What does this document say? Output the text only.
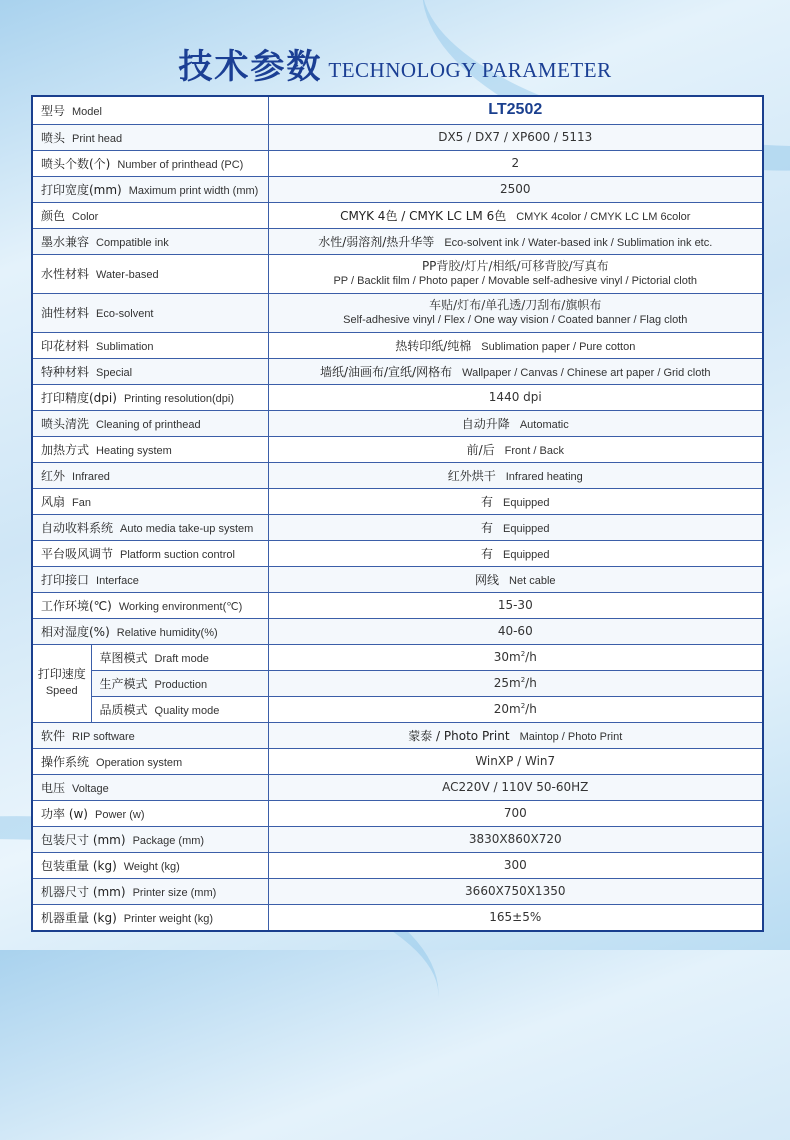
技术参数 TECHNOLOGY PARAMETER
型号 Model		LT2502
喷头 Print head		DX5 / DX7 / XP600 / 5113
喷头个数(个) Number of printhead (PC)		2
打印宽度(mm) Maximum print width (mm)		2500
颜色 Color		CMYK 4色 / CMYK LC LM 6色 CMYK 4color / CMYK LC LM 6color
墨水兼容 Compatible ink		水性/弱溶剂/热升华等 Eco-solvent ink / Water-based ink / Sublimation ink etc.
水性材料 Water-based		PP背胶/灯片/相纸/可移背胶/写真布
PP / Backlit film / Photo paper / Movable self-adhesive vinyl / Pictorial cloth

油性材料 Eco-solvent		车贴/灯布/单孔透/刀刮布/旗帜布
Self-adhesive vinyl / Flex / One way vision / Coated banner / Flag cloth

印花材料 Sublimation		热转印纸/纯棉 Sublimation paper / Pure cotton
特种材料 Special		墙纸/油画布/宣纸/网格布 Wallpaper / Canvas / Chinese art paper / Grid cloth
打印精度(dpi) Printing resolution(dpi)		1440 dpi
喷头清洗 Cleaning of printhead		自动升降 Automatic
加热方式 Heating system		前/后 Front / Back
红外 Infrared		红外烘干 Infrared heating
风扇 Fan		有 Equipped
自动收料系统 Auto media take-up system		有 Equipped
平台吸风调节 Platform suction control		有 Equipped
打印接口 Interface		网线 Net cable
工作环境(℃) Working environment(℃)		15-30
相对湿度(%) Relative humidity(%)		40-60

打印速度
Speed	草图模式 Draft mode	$30m^2/h$
	生产模式 Production	$25m^2/h$
	品质模式 Quality mode	$20m^2/h$
软件 RIP software		蒙泰 / Photo Print Maintop / Photo Print
操作系统 Operation system		WinXP / Win7
电压 Voltage		AC220V / 110V 50-60HZ
功率 (w) Power (w)		700
包装尺寸 (mm) Package (mm)		3830X860X720
包装重量 (kg) Weight (kg)		300
机器尺寸 (mm) Printer size (mm)		3660X750X1350
机器重量 (kg) Printer weight (kg)		165±5%
